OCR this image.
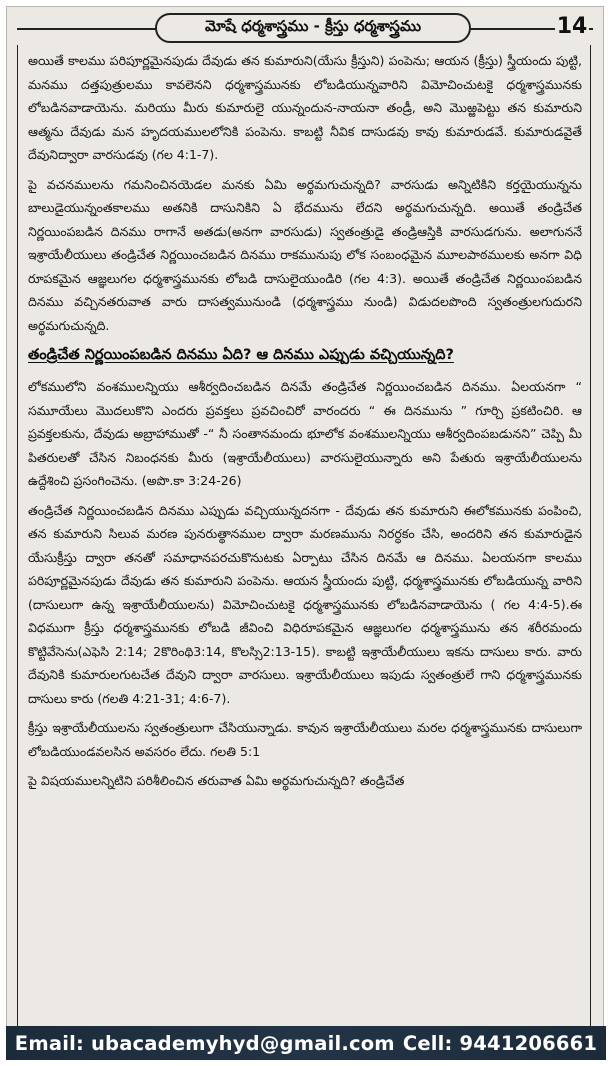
మోషే ధర్మశాస్త్రము - క్రీస్తు ధర్మశాస్త్రము	14

అయితే కాలము పరిపూర్ణమైనపుడు దేవుడు తన కుమారుని(యేసు క్రీస్తుని) పంపెను; ఆయన (క్రీస్తు) స్త్రీయందు పుట్టి, మనము దత్తపుత్రులము కావలెనని ధర్మశాస్త్రమునకు లోబడియున్నవారిని విమోచించుటకై ధర్మశాస్త్రమునకు లోబడినవాడాయెను. మరియు మీరు కుమారులై యున్నందున-నాయనా తండ్రీ, అని మొఱ్ఱపెట్టు తన కుమారుని ఆత్మను దేవుడు మన హృదయములలోనికి పంపెను. కాబట్టి నీవిక దాసుడవు కావు కుమారుడవే. కుమారుడవైతే దేవునిద్వారా వారసుడవు (గల 4:1-7).

పై వచనములను గమనించినయెడల మనకు ఏమి అర్థమగుచున్నది? వారసుడు అన్నిటికిని కర్తయైయున్నను బాలుడైయున్నంతకాలము అతనికి దాసునికిని ఏ భేదమును లేదని అర్థమగుచున్నది. అయితే తండ్రిచేత నిర్ణయింపబడిన దినము రాగానే అతడు(అనగా వారసుడు) స్వతంత్రుడై తండ్రిఆస్తికి వారసుడగును. అలాగుననే ఇశ్రాయేలీయులు తండ్రిచేత నిర్ణయించబడిన దినము రాకమునుపు లోక సంబంధమైన మూలపాఠములకు అనగా విధి రూపకమైన ఆజ్ఞలుగల ధర్మశాస్త్రమునకు లోబడి దాసులైయుండిరి (గల 4:3). అయితే తండ్రిచేత నిర్ణయింపబడిన దినము వచ్చినతరువాత వారు దాసత్వమునుండి (ధర్మశాస్త్రము నుండి) విడుదలపొంది స్వతంత్రులగుదురని అర్థమగుచున్నది.

తండ్రిచేత నిర్ణయింపబడిన దినము ఏది? ఆ దినము ఎప్పుడు వచ్చియున్నది?

లోకములోని వంశములన్నియు ఆశీర్వదించబడిన దినమే తండ్రిచేత నిర్ణయించబడిన దినము. ఏలయనగా “ సమూయేలు మొదలుకొని ఎందరు ప్రవక్తలు ప్రవచించిరో వారందరు “ ఈ దినమును ” గూర్చి ప్రకటించిరి. ఆ ప్రవక్తలకును, దేవుడు అబ్రాహాముతో -“ నీ సంతానమందు భూలోక వంశములన్నియు ఆశీర్వదింపబడునని” చెప్పి మీ పితరులతో చేసిన నిబంధనకు మీరు (ఇశ్రాయేలీయులు) వారసులైయున్నారు అని పేతురు ఇశ్రాయేలీయులను ఉద్దేశించి ప్రసంగించెను. (అపొ.కా 3:24-26)

తండ్రిచేత నిర్ణయించబడిన దినము ఎప్పుడు వచ్చియున్నదనగా - దేవుడు తన కుమారుని ఈలోకమునకు పంపించి, తన కుమారుని సిలువ మరణ పునరుత్థానముల ద్వారా మరణమును నిరర్ధకం చేసి, అందరిని తన కుమారుడైన యేసుక్రీస్తు ద్వారా తనతో సమాధానపరచుకొనుటకు ఏర్పాటు చేసిన దినమే ఆ దినము. ఏలయనగా కాలము పరిపూర్ణమైనపుడు దేవుడు తన కుమారుని పంపెను. ఆయన స్త్రీయందు పుట్టి, ధర్మశాస్త్రమునకు లోబడియున్న వారిని (దాసులుగా ఉన్న ఇశ్రాయేలీయులను) విమోచించుటకై ధర్మశాస్త్రమునకు లోబడినవాడాయెను ( గల 4:4-5).ఈ విధముగా క్రీస్తు ధర్మశాస్త్రమునకు లోబడి జీవించి విధిరూపకమైన ఆజ్ఞలుగల ధర్మశాస్త్రమును తన శరీరమందు కొట్టివేసెను(ఎఫెసి 2:14; 2కొరింథి3:14, కొలస్సి2:13-15). కాబట్టి ఇశ్రాయేలీయులు ఇకను దాసులు కారు. వారు దేవునికి కుమారులగుటచేత దేవుని ద్వారా వారసులు. ఇశ్రాయేలీయులు ఇపుడు స్వతంత్రులే గాని ధర్మశాస్త్రమునకు దాసులు కారు (గలతి 4:21-31; 4:6-7).

క్రీస్తు ఇశ్రాయేలీయులను స్వతంత్రులుగా చేసియున్నాడు. కావున ఇశ్రాయేలీయులు మరల ధర్మశాస్త్రమునకు దాసులుగా లోబడియుండవలసిన అవసరం లేదు. గలతి 5:1

పై విషయములన్నిటిని పరిశీలించిన తరువాత ఏమి అర్థమగుచున్నది? తండ్రిచేత

Email: ubacademyhyd@gmail.com Cell: 9441206661
